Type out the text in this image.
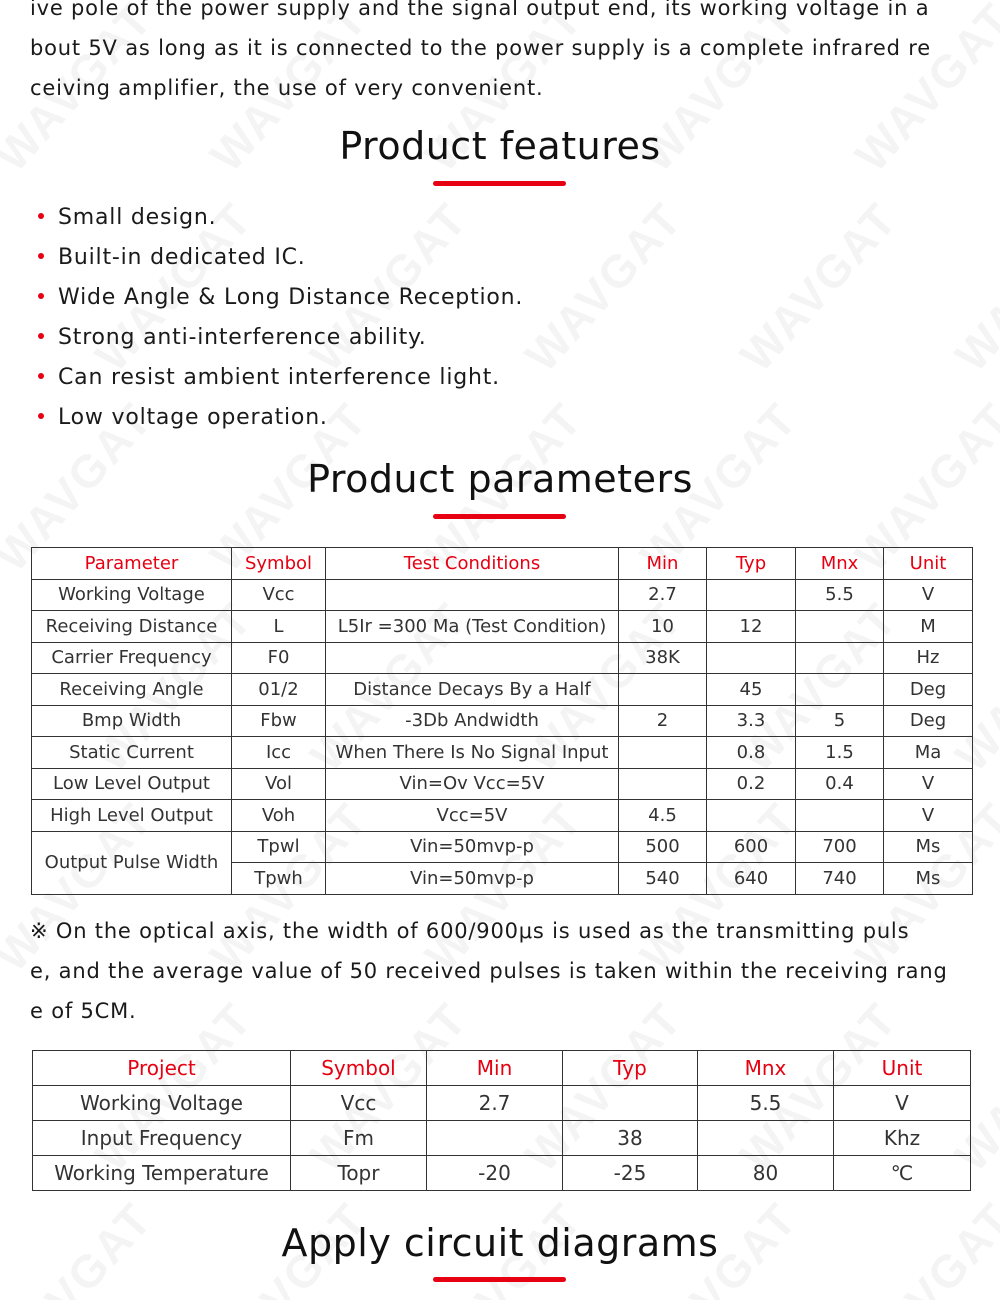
ive pole of the power supply and the signal output end, its working voltage in a
bout 5V as long as it is connected to the power supply is a complete infrared re
ceiving amplifier, the use of very convenient.
Product features
Small design.
Built-in dedicated IC.
Wide Angle & Long Distance Reception.
Strong anti-interference ability.
Can resist ambient interference light.
Low voltage operation.
Product parameters
Parameter	Symbol	Test Conditions	Min	Typ	Mnx	Unit
Working Voltage	Vcc		2.7		5.5	V
Receiving Distance	L	L5Ir =300 Ma (Test Condition)	10	12		M
Carrier Frequency	F0		38K			Hz
Receiving Angle	01/2	Distance Decays By a Half		45		Deg
Bmp Width	Fbw	-3Db Andwidth	2	3.3	5	Deg
Static Current	Icc	When There Is No Signal Input		0.8	1.5	Ma
Low Level Output	Vol	Vin=Ov Vcc=5V		0.2	0.4	V
High Level Output	Voh	Vcc=5V	4.5			V
Output Pulse Width	Tpwl	Vin=50mvp-p	500	600	700	Ms
	Tpwh	Vin=50mvp-p	540	640	740	Ms
※ On the optical axis, the width of 600/900μs is used as the transmitting puls
e, and the average value of 50 received pulses is taken within the receiving rang
e of 5CM.
Project	Symbol	Min	Typ	Mnx	Unit
Working Voltage	Vcc	2.7		5.5	V
Input Frequency	Fm		38		Khz
Working Temperature	Topr	-20	-25	80	℃
Apply circuit diagrams
